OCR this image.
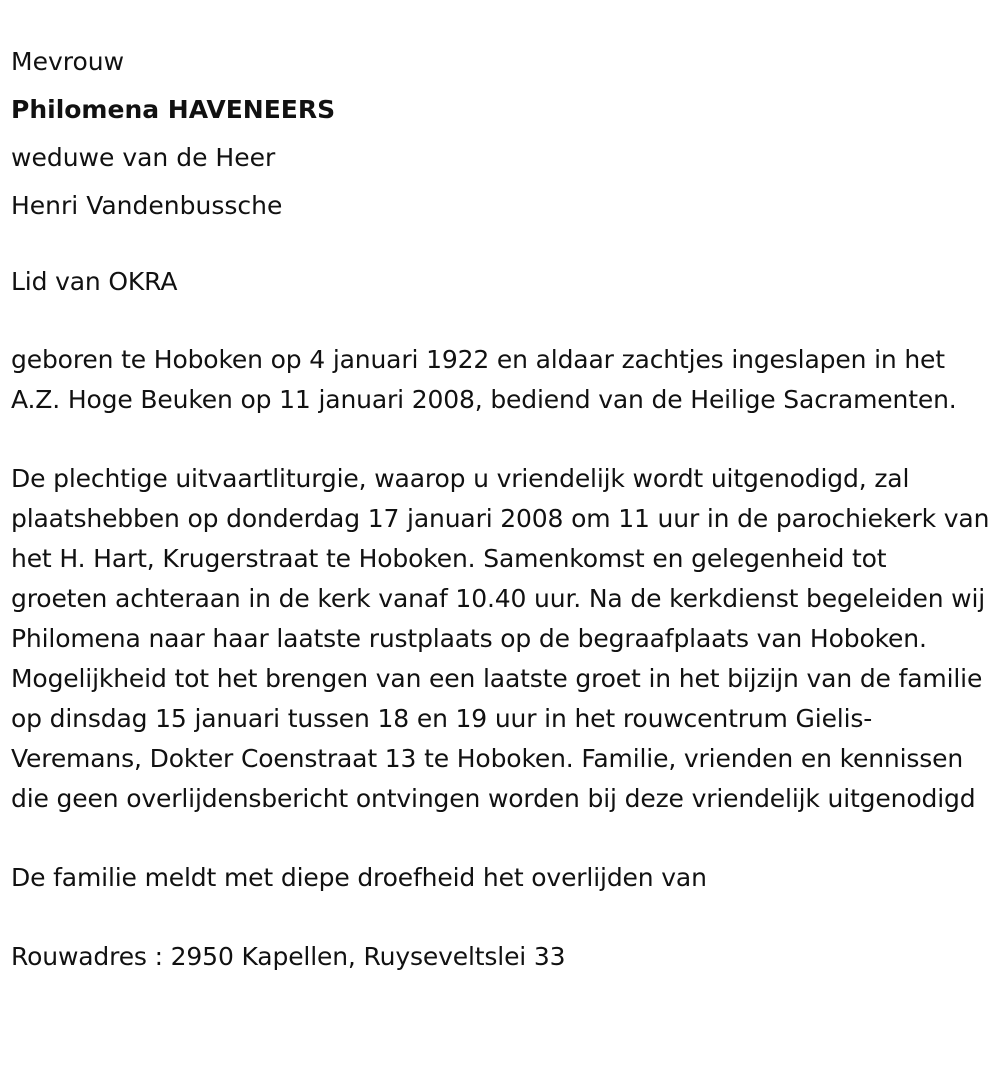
Mevrouw

Philomena HAVENEERS

weduwe van de Heer

Henri Vandenbussche

Lid van OKRA

geboren te Hoboken op 4 januari 1922 en aldaar zachtjes ingeslapen in het A.Z. Hoge Beuken op 11 januari 2008, bediend van de Heilige Sacramenten.

De plechtige uitvaartliturgie, waarop u vriendelijk wordt uitgenodigd, zal plaatshebben op donderdag 17 januari 2008 om 11 uur in de parochiekerk van het H. Hart, Krugerstraat te Hoboken. Samenkomst en gelegenheid tot groeten achteraan in de kerk vanaf 10.40 uur. Na de kerkdienst begeleiden wij Philomena naar haar laatste rustplaats op de begraafplaats van Hoboken. Mogelijkheid tot het brengen van een laatste groet in het bijzijn van de familie op dinsdag 15 januari tussen 18 en 19 uur in het rouwcentrum Gielis-Veremans, Dokter Coenstraat 13 te Hoboken. Familie, vrienden en kennissen die geen overlijdensbericht ontvingen worden bij deze vriendelijk uitgenodigd

De familie meldt met diepe droefheid het overlijden van

Rouwadres : 2950 Kapellen, Ruyseveltslei 33
